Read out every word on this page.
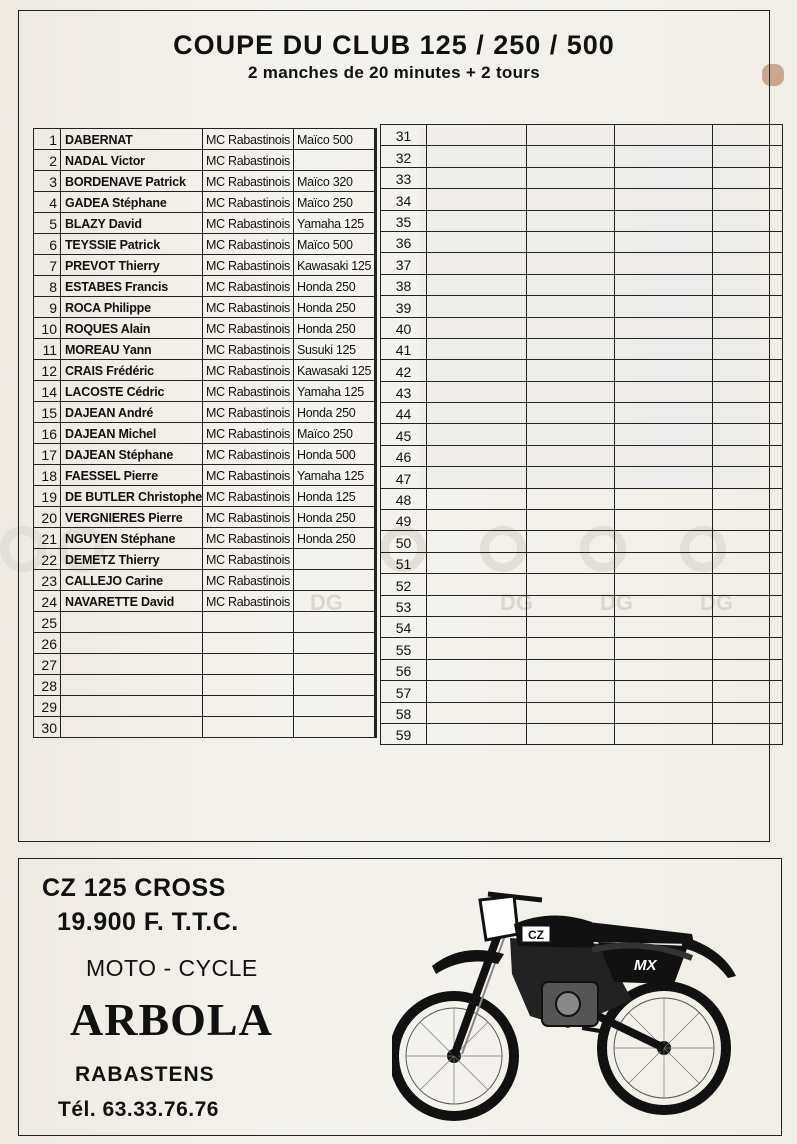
DG	DG	DG	DG
COUPE DU CLUB 125 / 250 / 500

2 manches de 20 minutes + 2 tours

1	DABERNAT	MC Rabastinois	Maïco 500
2	NADAL Victor	MC Rabastinois	
3	BORDENAVE Patrick	MC Rabastinois	Maïco 320
4	GADEA Stéphane	MC Rabastinois	Maïco 250
5	BLAZY David	MC Rabastinois	Yamaha 125
6	TEYSSIE Patrick	MC Rabastinois	Maïco 500
7	PREVOT Thierry	MC Rabastinois	Kawasaki 125
8	ESTABES Francis	MC Rabastinois	Honda 250
9	ROCA Philippe	MC Rabastinois	Honda 250
10	ROQUES Alain	MC Rabastinois	Honda 250
11	MOREAU Yann	MC Rabastinois	Susuki 125
12	CRAIS Frédéric	MC Rabastinois	Kawasaki 125
14	LACOSTE Cédric	MC Rabastinois	Yamaha 125
15	DAJEAN André	MC Rabastinois	Honda 250
16	DAJEAN Michel	MC Rabastinois	Maïco 250
17	DAJEAN Stéphane	MC Rabastinois	Honda 500
18	FAESSEL Pierre	MC Rabastinois	Yamaha 125
19	DE BUTLER Christophe	MC Rabastinois	Honda 125
20	VERGNIERES Pierre	MC Rabastinois	Honda 250
21	NGUYEN Stéphane	MC Rabastinois	Honda 250
22	DEMETZ Thierry	MC Rabastinois	
23	CALLEJO Carine	MC Rabastinois	
24	NAVARETTE David	MC Rabastinois	
25			
26			
27			
28			
29			
30			
31				
32				
33				
34				
35				
36				
37				
38				
39				
40				
41				
42				
43				
44				
45				
46				
47				
48				
49				
50				
51				
52				
53				
54				
55				
56				
57				
58				
59				
CZ 125 CROSS
19.900 F. T.T.C.
MOTO - CYCLE
ARBOLA
RABASTENS
Tél. 63.33.76.76
CZ
MX
